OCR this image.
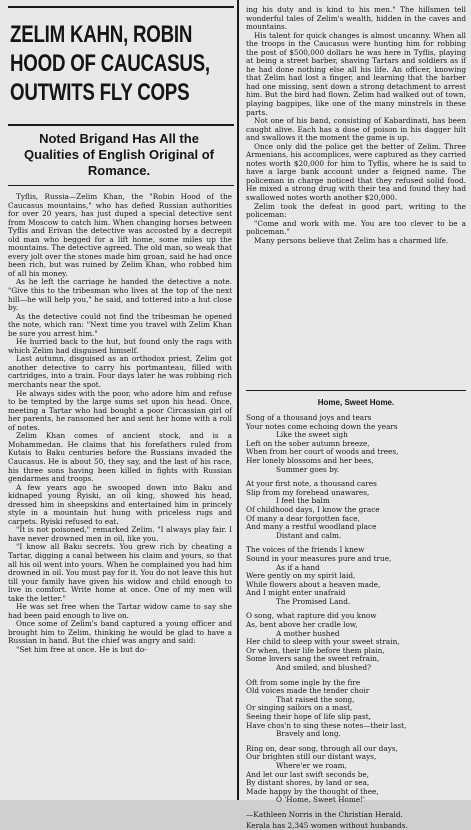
ZELIM KAHN, ROBIN
HOOD OF CAUCASUS,
OUTWITS FLY COPS
Noted Brigand Has All the Qualities of English Original of Romance.

Tyflis, Russia—Zelim Khan, the "Robin Hood of the Caucasus mountains," who has defied Russian authorities for over 20 years, has just duped a special detective sent from Moscow to catch him. When changing horses between Tyflis and Erivan the detective was accosted by a decrepit old man who begged for a lift home, some miles up the mountains. The detective agreed. The old man, so weak that every jolt over the stones made him groan, said he had once been rich, but was ruined by Zelim Khan, who robbed him of all his money.

As he left the carriage he handed the detective a note. "Give this to the tribesman who lives at the top of the next hill—he will help you," he said, and tottered into a hut close by.

As the detective could not find the tribesman he opened the note, which ran: "Next time you travel with Zelim Khan be sure you arrest him."

He hurried back to the hut, but found only the rags with which Zelim had disguised himself.

Last autumn, disguised as an orthodox priest, Zelim got another detective to carry his portmanteau, filled with cartridges, into a train. Four days later he was robbing rich merchants near the spot.

He always sides with the poor, who adore him and refuse to be tempted by the large sums set upon his head. Once, meeting a Tartar who had bought a poor Circassian girl of her parents, he ransomed her and sent her home with a roll of notes.

Zelim Khan comes of ancient stock, and is a Mohammedan. He claims that his forefathers ruled from Kutais to Baku centuries before the Russians invaded the Caucasus. He is about 50, they say, and the last of his race, his three sons having been killed in fights with Russian gendarmes and troops.

A few years ago he swooped down into Baku and kidnaped young Ryiski, an oil king, showed his head, dressed him in sheepskins and entertained him in princely style in a mountain hut hung with priceless rugs and carpets. Ryiski refused to eat.

"It is not poisoned," remarked Zelim. "I always play fair. I have never drowned men in oil, like you.

"I know all Baku secrets. You grew rich by cheating a Tartar, digging a canal between his claim and yours, so that all his oil went into yours. When he complained you had him drowned in oil. You must pay for it. You do not leave this hut till your family have given his widow and child enough to live in comfort. Write home at once. One of my men will take the letter."

He was set free when the Tartar widow came to say she had been paid enough to live on.

Once some of Zelim's band captured a young officer and brought him to Zelim, thinking he would be glad to have a Russian in hand. But the chief was angry and said:

"Set him free at once. He is but do-

ing his duty and is kind to his men." The hillsmen tell wonderful tales of Zelim's wealth, hidden in the caves and mountains.

His talent for quick changes is almost uncanny. When all the troops in the Caucasus were hunting him for robbing the post of $500,000 dollars he was here in Tyflis, playing at being a street barber, shaving Tartars and soldiers as if he had done nothing else all his life. An officer, knowing that Zelim had lost a finger, and learning that the barber had one missing, sent down a strong detachment to arrest him. But the bird had flown. Zelim had walked out of town, playing bagpipes, like one of the many minstrels in these parts.

Not one of his band, consisting of Kabardinati, has been caught alive. Each has a dose of poison in his dagger hilt and swallows it the moment the game is up.

Once only did the police get the better of Zelim. Three Armenians, his accomplices, were captured as they carried notes worth $20,000 for him to Tyflis, where he is said to have a large bank account under a feigned name. The policeman in charge noticed that they refused solid food. He mixed a strong drug with their tea and found they had swallowed notes worth another $20,000.

Zelim took the defeat in good part, writing to the policeman:

"Come and work with me. You are too clever to be a policeman."

Many persons believe that Zelim has a charmed life.

Home, Sweet Home.
Song of a thousand joys and tears
Your notes come echoing down the years
Like the sweet sigh
Left on the sober autumn breeze,
When from her court of woods and trees,
Her lonely blossoms and her bees,
Summer goes by.
At your first note, a thousand cares
Slip from my forehead unawares,
I feel the balm
Of childhood days, I know the grace
Of many a dear forgotten face,
And many a restful woodland place
Distant and calm.
The voices of the friends I knew
Sound in your measures pure and true,
As if a hand
Were gently on my spirit laid,
While flowers about a heaven made,
And I might enter unafraid
The Promised Land.
O song, what rapture did you know
As, bent above her cradle low,
A mother hushed
Her child to sleep with your sweet strain,
Or when, their life before them plain,
Some lovers sang the sweet refrain,
And smiled, and blushed?
Oft from some ingle by the fire
Old voices made the tender choir
That raised the song,
Or singing sailors on a mast,
Seeing their hope of life slip past,
Have chos'n to sing these notes—their last,
Bravely and long.
Ring on, dear song, through all our days,
Our brighten still our distant ways,
Where'er we roam,
And let our last swift seconds be,
By distant shores, by land or sea,
Made happy by the thought of thee,
O 'Home, Sweet Home!'
—Kathleen Norris in the Christian Herald.
Kerala has 2,345 women without husbands.
